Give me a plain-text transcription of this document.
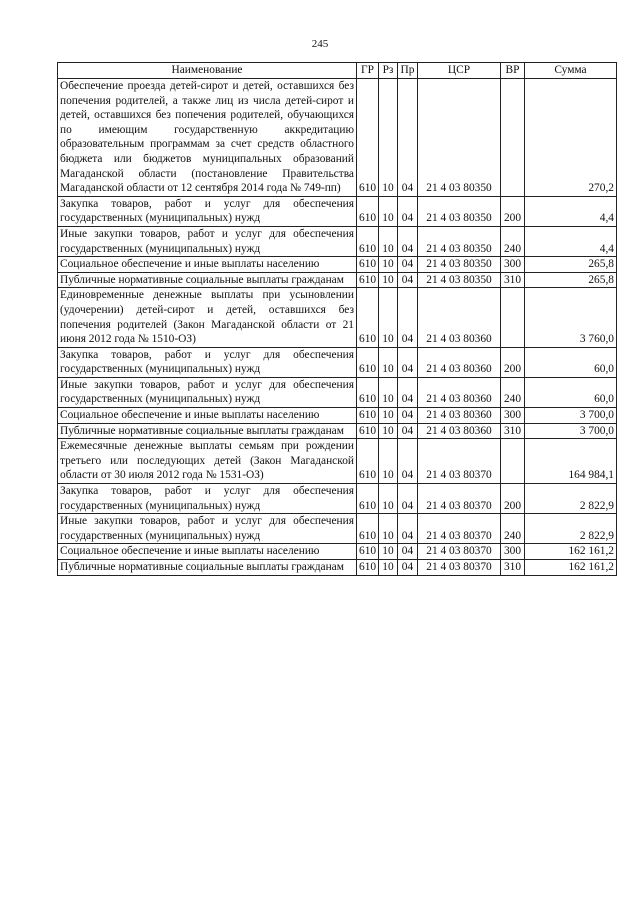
245
Наименование	ГР	Рз	Пр	ЦСР	ВР	Сумма
Обеспечение проезда детей-сирот и детей, оставшихся без попечения родителей, а также лиц из числа детей-сирот и детей, оставшихся без попечения родителей, обучающихся по имеющим государственную аккредитацию образовательным программам за счет средств областного бюджета или бюджетов муниципальных образований Магаданской области (постановление Правительства Магаданской области от 12 сентября 2014 года № 749-пп)	610	10	04	21 4 03 80350		270,2
Закупка товаров, работ и услуг для обеспечения государственных (муниципальных) нужд	610	10	04	21 4 03 80350	200	4,4
Иные закупки товаров, работ и услуг для обеспечения государственных (муниципальных) нужд	610	10	04	21 4 03 80350	240	4,4
Социальное обеспечение и иные выплаты населению	610	10	04	21 4 03 80350	300	265,8
Публичные нормативные социальные выплаты гражданам	610	10	04	21 4 03 80350	310	265,8
Единовременные денежные выплаты при усыновлении (удочерении) детей-сирот и детей, оставшихся без попечения родителей (Закон Магаданской области от 21 июня 2012 года № 1510-ОЗ)	610	10	04	21 4 03 80360		3 760,0
Закупка товаров, работ и услуг для обеспечения государственных (муниципальных) нужд	610	10	04	21 4 03 80360	200	60,0
Иные закупки товаров, работ и услуг для обеспечения государственных (муниципальных) нужд	610	10	04	21 4 03 80360	240	60,0
Социальное обеспечение и иные выплаты населению	610	10	04	21 4 03 80360	300	3 700,0
Публичные нормативные социальные выплаты гражданам	610	10	04	21 4 03 80360	310	3 700,0
Ежемесячные денежные выплаты семьям при рождении третьего или последующих детей (Закон Магаданской области от 30 июля 2012 года № 1531-ОЗ)	610	10	04	21 4 03 80370		164 984,1
Закупка товаров, работ и услуг для обеспечения государственных (муниципальных) нужд	610	10	04	21 4 03 80370	200	2 822,9
Иные закупки товаров, работ и услуг для обеспечения государственных (муниципальных) нужд	610	10	04	21 4 03 80370	240	2 822,9
Социальное обеспечение и иные выплаты населению	610	10	04	21 4 03 80370	300	162 161,2
Публичные нормативные социальные выплаты гражданам	610	10	04	21 4 03 80370	310	162 161,2
